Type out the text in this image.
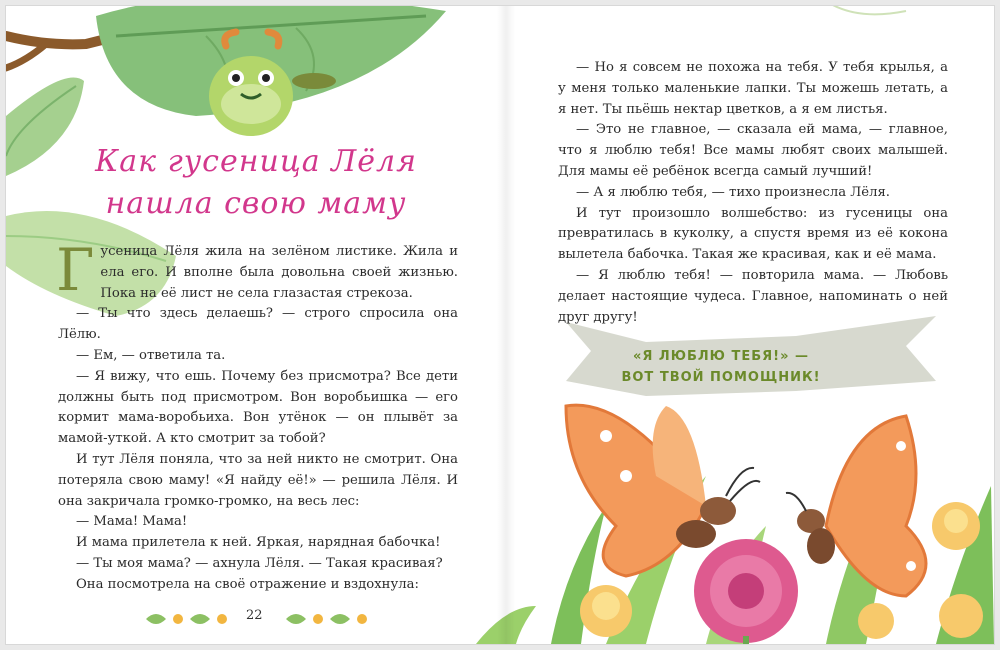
Как гусеница Лёля
нашла свою маму

Гусеница Лёля жила на зелёном листике. Жила и ела его. И вполне была довольна своей жизнью. Пока на её лист не села глазастая стрекоза.

— Ты что здесь делаешь? — строго спросила она Лёлю.

— Ем, — ответила та.

— Я вижу, что ешь. Почему без присмотра? Все дети должны быть под присмотром. Вон воробьишка — его кормит мама-воробьиха. Вон утёнок — он плывёт за мамой-уткой. А кто смотрит за тобой?

И тут Лёля поняла, что за ней никто не смотрит. Она потеряла свою маму! «Я найду её!» — решила Лёля. И она закричала громко-громко, на весь лес:

— Мама! Мама!

И мама прилетела к ней. Яркая, нарядная бабочка!

— Ты моя мама? — ахнула Лёля. — Такая красивая?

Она посмотрела на своё отражение и вздохнула:

22

— Но я совсем не похожа на тебя. У тебя крылья, а у меня только маленькие лапки. Ты можешь летать, а я нет. Ты пьёшь нектар цветков, а я ем листья.

— Это не главное, — сказала ей мама, — главное, что я люблю тебя! Все мамы любят своих малышей. Для мамы её ребёнок всегда самый лучший!

— А я люблю тебя, — тихо произнесла Лёля.

И тут произошло волшебство: из гусеницы она превратилась в куколку, а спустя время из её кокона вылетела бабочка. Такая же красивая, как и её мама.

— Я люблю тебя! — повторила мама. — Любовь делает настоящие чудеса. Главное, напоминать о ней друг другу!

«Я ЛЮБЛЮ ТЕБЯ!» —
ВОТ ТВОЙ ПОМОЩНИК!
